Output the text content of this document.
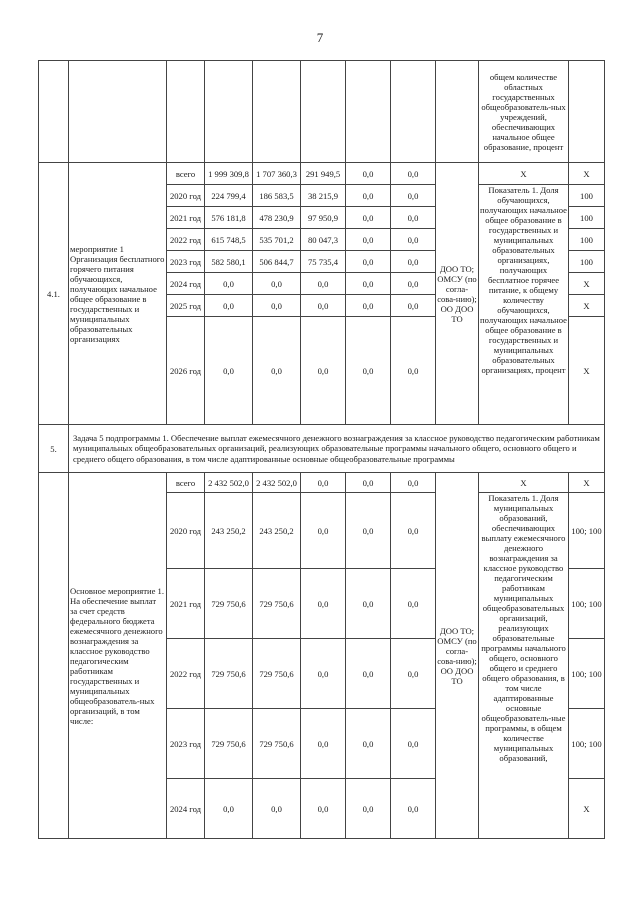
7
									общем количестве областных государственных общеобразователь-ных учреждений, обеспечивающих начальное общее образование, процент	
4.1.	мероприятие 1 Организация бесплатного горячего питания обучающихся, получающих начальное общее образование в государственных и муниципальных образовательных организациях	всего	1 999 309,8	1 707 360,3	291 949,5	0,0	0,0	ДОО ТО; ОМСУ (по согла-сова-нию); ОО ДОО ТО	X	X
		2020 год	224 799,4	186 583,5	38 215,9	0,0	0,0		Показатель 1. Доля обучающихся, получающих начальное общее образование в государственных и муниципальных образовательных организациях, получающих бесплатное горячее питание, к общему количеству обучающихся, получающих начальное общее образование в государственных и муниципальных образовательных организациях, процент	100
		2021 год	576 181,8	478 230,9	97 950,9	0,0	0,0			100
		2022 год	615 748,5	535 701,2	80 047,3	0,0	0,0			100
		2023 год	582 580,1	506 844,7	75 735,4	0,0	0,0			100
		2024 год	0,0	0,0	0,0	0,0	0,0			X
		2025 год	0,0	0,0	0,0	0,0	0,0			X
		2026 год	0,0	0,0	0,0	0,0	0,0			X
5.	Задача 5 подпрограммы 1. Обеспечение выплат ежемесячного денежного вознаграждения за классное руководство педагогическим работникам муниципальных общеобразовательных организаций, реализующих образовательные программы начального общего, основного общего и среднего общего образования, в том числе адаптированные основные общеобразовательные программы									
	Основное мероприятие 1. На обеспечение выплат за счет средств федерального бюджета ежемесячного денежного вознаграждения за классное руководство педагогическим работникам государственных и муниципальных общеобразователь-ных организаций, в том числе:	всего	2 432 502,0	2 432 502,0	0,0	0,0	0,0	ДОО ТО; ОМСУ (по согла-сова-нию); ОО ДОО ТО	X	X
		2020 год	243 250,2	243 250,2	0,0	0,0	0,0		Показатель 1. Доля муниципальных образований, обеспечивающих выплату ежемесячного денежного вознаграждения за классное руководство педагогическим работникам муниципальных общеобразовательных организаций, реализующих образовательные программы начального общего, основного общего и среднего общего образования, в том числе адаптированные основные общеобразователь-ные программы, в общем количестве муниципальных образований,	100; 100
		2021 год	729 750,6	729 750,6	0,0	0,0	0,0			100; 100
		2022 год	729 750,6	729 750,6	0,0	0,0	0,0			100; 100
		2023 год	729 750,6	729 750,6	0,0	0,0	0,0			100; 100
		2024 год	0,0	0,0	0,0	0,0	0,0			X
